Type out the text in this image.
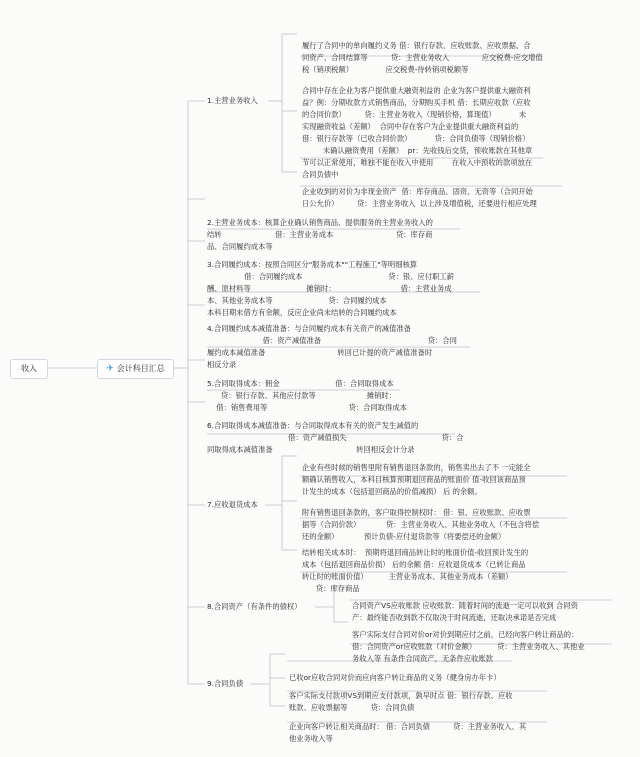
收入	✈ 会计科目汇总
1.主营业务收入

履行了合同中的单向履约义务 借：银行存款、应收账款、应收票据、合
同资产、合同结算等          贷：主营业务收入              应交税费-应交增值
税（销项税额）              应交税费-待转销项税额等

合同中存在企业为客户提供重大融资利益的 企业为客户提供重大融资利
益？例：分期收款方式销售商品，分期购买手机 借：长期应收款（应收
的合同价款）        贷：主营业务收入（现销价格，算现值）          未
实现融资收益（差额）  合同中存在客户为企业提供重大融资利益的
借：银行存款等（已收合同价款）          贷：合同负债等（现销价格）
未确认融资费用（差额）  pr：先收钱后交货，预收账款在其他章
节可以正常使用，唯独不能在收入中使用        在收入中预收的款项放在
合同负债中

企业收到的对价为非现金资产  借：库存商品、固资、无资等（合同开始
日公允价）        贷：主营业务收入  以上涉及增值税，还要进行相应处理

2.主营业务成本：核算企业确认销售商品、提供服务的主营业务收入的
结转                       借：主营业务成本                           贷：库存商
品、合同履约成本等

3.合同履约成本：按照合同区分"服务成本""工程施工"等明细核算
借：合同履约成本                                     贷：银、应付职工薪
酬、原材料等                        摊销时：                            借：主营业务成
本、其他业务成本等                        贷：合同履约成本
本科目期末借方有余额，反应企业尚未结转的合同履约成本

4.合同履约成本减值准备：与合同履约成本有关资产的减值准备
借：资产减值准备                                              贷：合同
履约成本减值准备                               转回已计提的资产减值准备时
相反分录

5.合同取得成本：佣金                        借：合同取得成本
贷：银行存款、其他应付款等                      摊销时：
借：销售费用等                                   贷：合同取得成本

6.合同取得成本减值准备：与合同取得成本有关的资产发生减值的
借：资产减值损失                                         贷：合
同取得成本减值准备                                    转回相反会计分录

7.应收退货成本

企业有些时候的销售里附有销售退回条款的，销售卖出去了不 一定能全
额确认销售收入，本科目核算预期退回商品的账面价 值-收回该商品预
计发生的成本（包括退回商品的价值减损） 后 的余额。

附有销售退回条款的，客户取得控制权时： 借：银、应收账款、应收票
据等（合同价款）           贷：主营业务收入、其他业务收入（不包含将偿
还的金额）           预计负债-应付退货款等（将要偿还的金额）

结转相关成本时：  预期将退回商品转让时的账面价值-收回预计发生的
成本（包括退回商品价损） 后的余额 借：应收退货成本（已转让商品
转让时的账面价值）         主营业务成本、其他业务成本（差额）
贷：库存商品

8.合同资产（有条件的债权）

	合同资产VS应收账款 应收账款：随着时间的流逝一定可以收到 合同资
产：最终能否收到款不仅取决于时间流逝，还取决承诺是否完成

客户实际支付合同对价or对价到期应付之前，已经向客户转让商品的：
借：合同资产or应收账款（对价金额）         贷：主营业务收入、其他业
务收入等 有条件合同资产，无条件应收账款

9.合同负债

已收or应收合同对价而应向客户转让商品的义务（健身房办年卡）

客户实际支付款项VS到期应支付款项，孰早时点 借：银行存款、应收
账款、应收票据等          贷：合同负债

企业向客户转让相关商品时： 借：合同负债          贷：主营业务收入、其
他业务收入等
